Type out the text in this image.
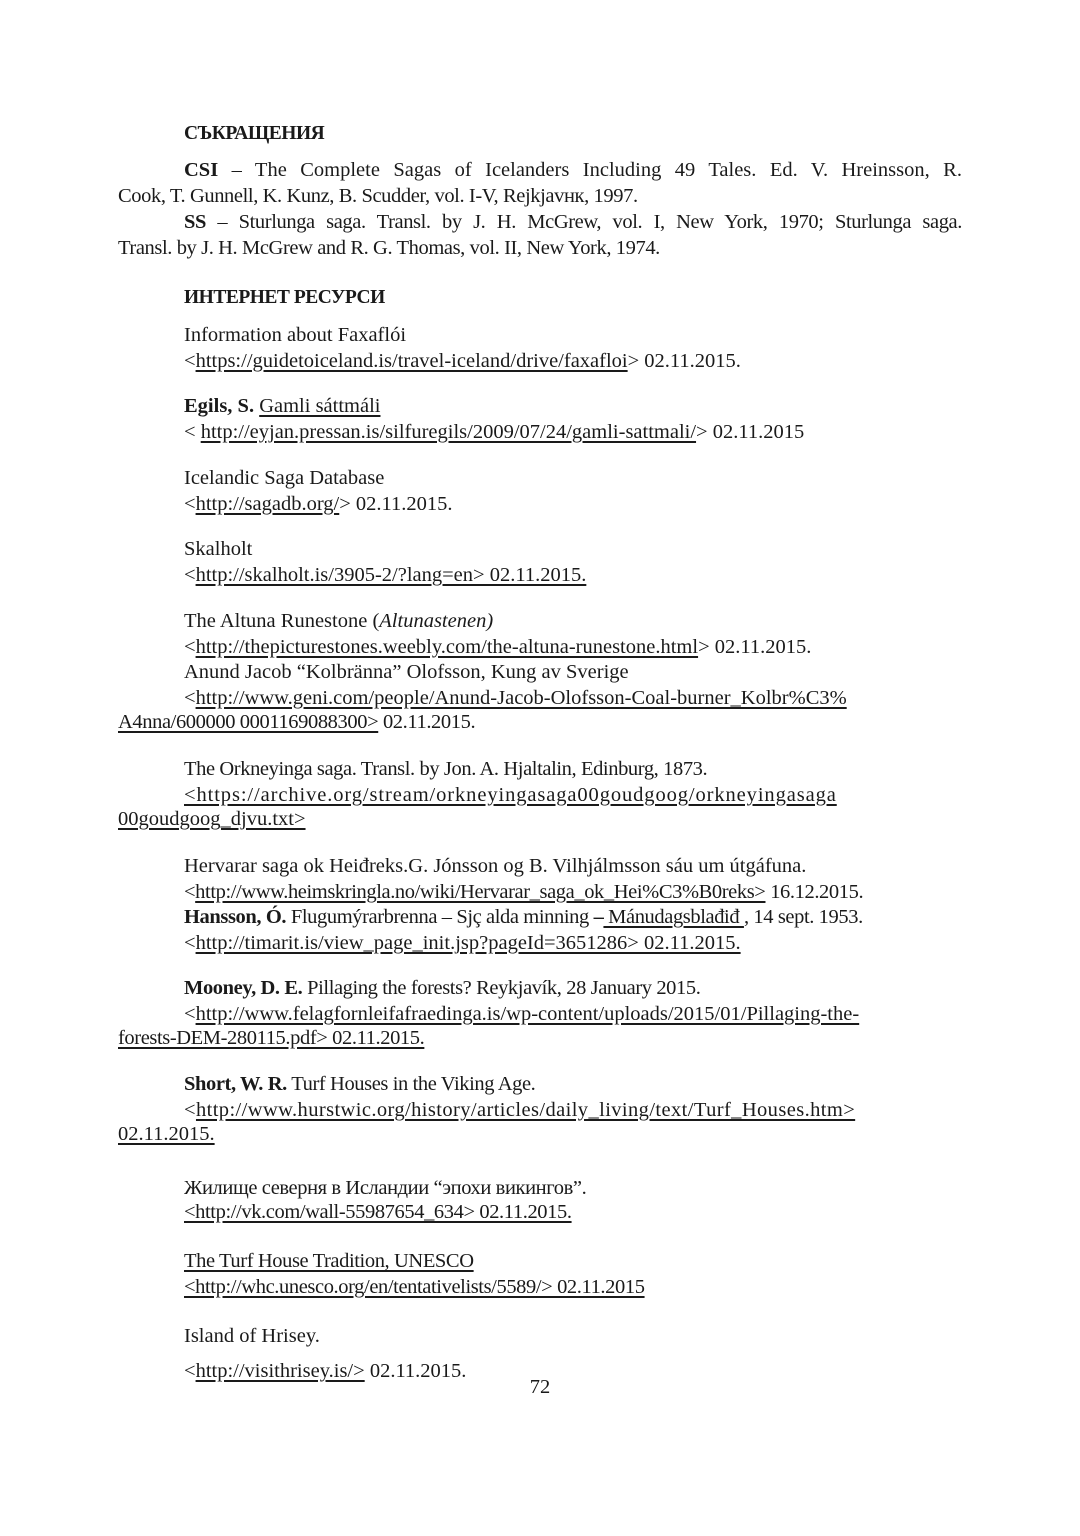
СЪКРАЩЕНИЯ
CSI – The Complete Sagas of Icelanders Including 49 Tales. Ed. V. Hreinsson, R.
Cook, T. Gunnell, K. Kunz, B. Scudder, vol. I-V, Rejkjavнк, 1997.
SS – Sturlunga saga. Transl. by J. H. McGrew, vol. I, New York, 1970; Sturlunga saga.
Transl. by J. H. McGrew and R. G. Thomas, vol. II, New York, 1974.
ИНТЕРНЕТ РЕСУРСИ
Information about Faxaflói
<https://guidetoiceland.is/travel-iceland/drive/faxafloi> 02.11.2015.
Egils, S. Gamli sáttmáli
< http://eyjan.pressan.is/silfuregils/2009/07/24/gamli-sattmali/> 02.11.2015
Icelandic Saga Database
<http://sagadb.org/> 02.11.2015.
Skalholt
<http://skalholt.is/3905-2/?lang=en> 02.11.2015.
The Altuna Runestone (Altunastenen)
<http://thepicturestones.weebly.com/the-altuna-runestone.html> 02.11.2015.
Anund Jacob “Kolbränna” Olofsson, Kung av Sverige
<http://www.geni.com/people/Anund-Jacob-Olofsson-Coal-burner_Kolbr%C3%
A4nna/600000 0001169088300> 02.11.2015.
The Orkneyinga saga. Transl. by Jon. A. Hjaltalin, Edinburg, 1873.
<https://archive.org/stream/orkneyingasaga00goudgoog/orkneyingasaga
00goudgoog_djvu.txt>
Hervarar saga ok Heiđreks.G. Jónsson og B. Vilhjálmsson sáu um útgáfuna.
<http://www.heimskringla.no/wiki/Hervarar_saga_ok_Hei%C3%B0reks> 16.12.2015.
Hansson, Ó. Flugumýrarbrenna – Sjç alda minning – Mánudagsblađiđ , 14 sept. 1953.
<http://timarit.is/view_page_init.jsp?pageId=3651286> 02.11.2015.
Mooney, D. E. Pillaging the forests? Reykjavík, 28 January 2015.
<http://www.felagfornleifafraedinga.is/wp-content/uploads/2015/01/Pillaging-the-
forests-DEM-280115.pdf> 02.11.2015.
Short, W. R. Turf Houses in the Viking Age.
<http://www.hurstwic.org/history/articles/daily_living/text/Turf_Houses.htm>
02.11.2015.
Жилище северня в Исландии “эпохи викингов”.
<http://vk.com/wall-55987654_634> 02.11.2015.
The Turf House Tradition, UNESCO
<http://whc.unesco.org/en/tentativelists/5589/> 02.11.2015
Island of Hrisey.
<http://visithrisey.is/> 02.11.2015.
72
